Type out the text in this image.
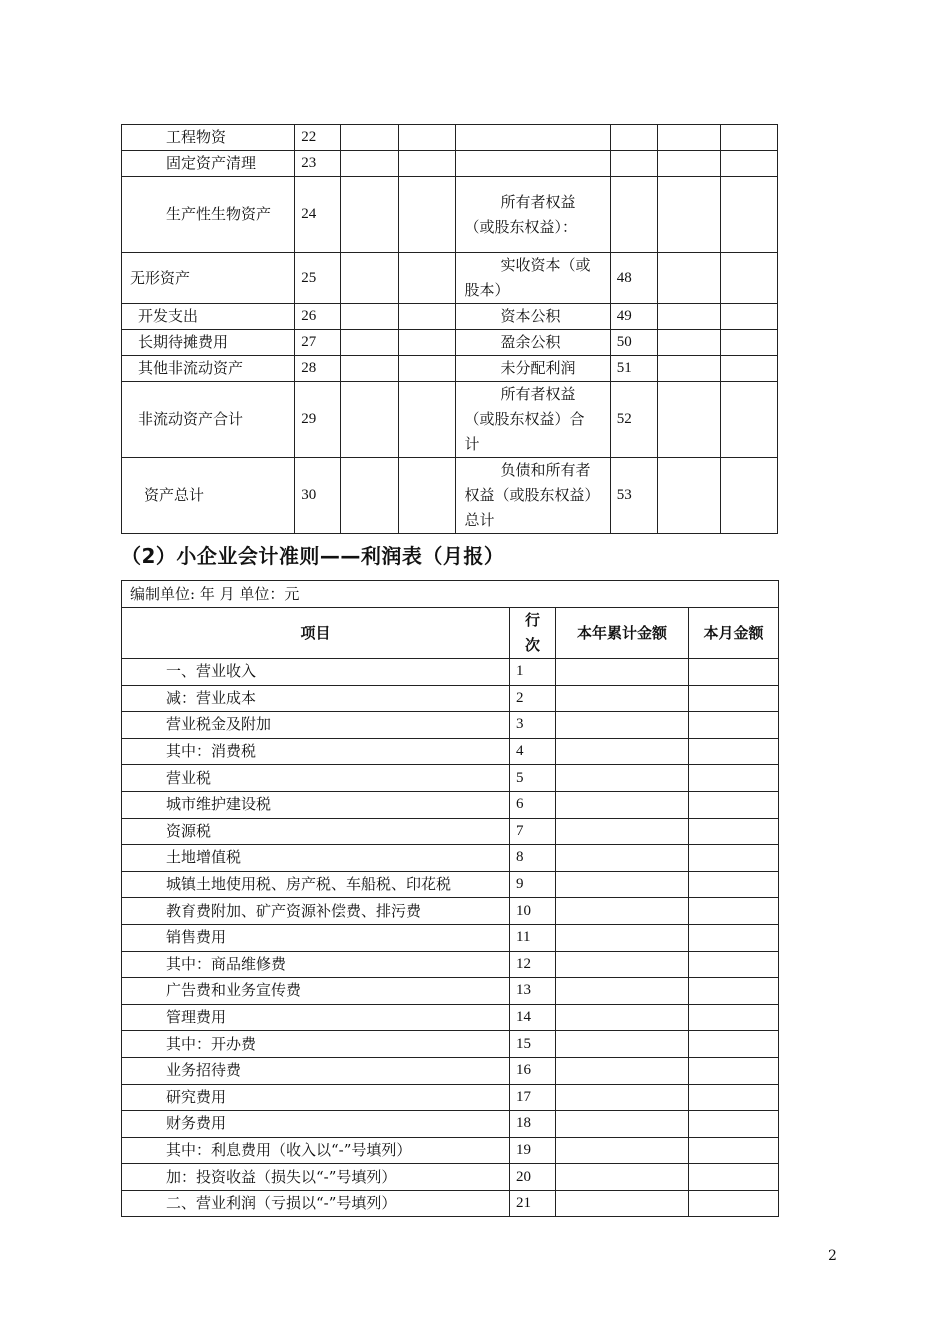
工程物资	22						
固定资产清理	23						
生产性生物资产	24			所有者权益（或股东权益）：			
无形资产	25			实收资本（或股本）	48		
开发支出	26			资本公积	49		
长期待摊费用	27			盈余公积	50		
其他非流动资产	28			未分配利润	51		
非流动资产合计	29			所有者权益（或股东权益）合计	52		
资产总计	30			负债和所有者权益（或股东权益）总计	53		
（2）小企业会计准则——利润表（月报）
编制单位: 年 月 单位：元			
项目	行次	本年累计金额	本月金额
一、营业收入	1		
减：营业成本	2		
营业税金及附加	3		
其中：消费税	4		
营业税	5		
城市维护建设税	6		
资源税	7		
土地增值税	8		
城镇土地使用税、房产税、车船税、印花税	9		
教育费附加、矿产资源补偿费、排污费	10		
销售费用	11		
其中：商品维修费	12		
广告费和业务宣传费	13		
管理费用	14		
其中：开办费	15		
业务招待费	16		
研究费用	17		
财务费用	18		
其中：利息费用（收入以“-”号填列）	19		
加：投资收益（损失以“-”号填列）	20		
二、营业利润（亏损以“-”号填列）	21		
2
